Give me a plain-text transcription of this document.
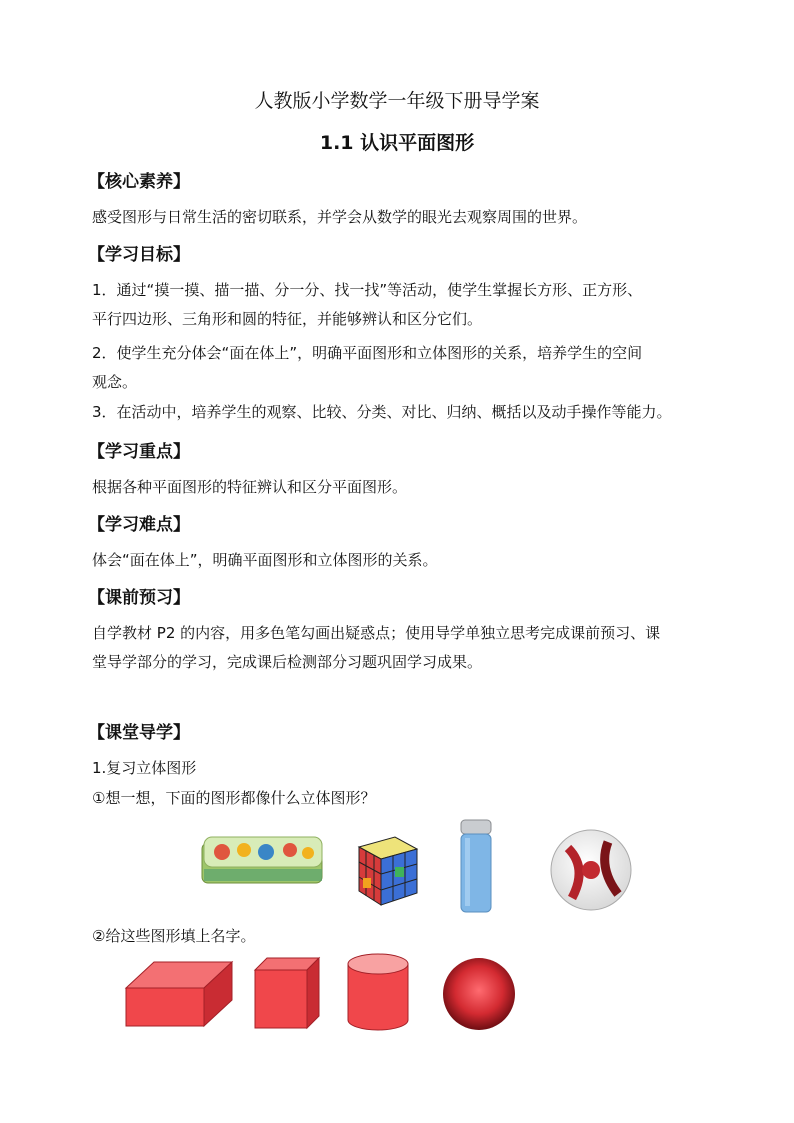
人教版小学数学一年级下册导学案
1.1 认识平面图形
【核心素养】
感受图形与日常生活的密切联系，并学会从数学的眼光去观察周围的世界。
【学习目标】
1．通过“摸一摸、描一描、分一分、找一找”等活动，使学生掌握长方形、正方形、
平行四边形、三角形和圆的特征，并能够辨认和区分它们。
2．使学生充分体会“面在体上”，明确平面图形和立体图形的关系，培养学生的空间
观念。
3．在活动中，培养学生的观察、比较、分类、对比、归纳、概括以及动手操作等能力。
【学习重点】
根据各种平面图形的特征辨认和区分平面图形。
【学习难点】
体会“面在体上”，明确平面图形和立体图形的关系。
【课前预习】
自学教材 P2 的内容，用多色笔勾画出疑惑点；使用导学单独立思考完成课前预习、课
堂导学部分的学习，完成课后检测部分习题巩固学习成果。
【课堂导学】
1.复习立体图形
①想一想，下面的图形都像什么立体图形？
②给这些图形填上名字。
